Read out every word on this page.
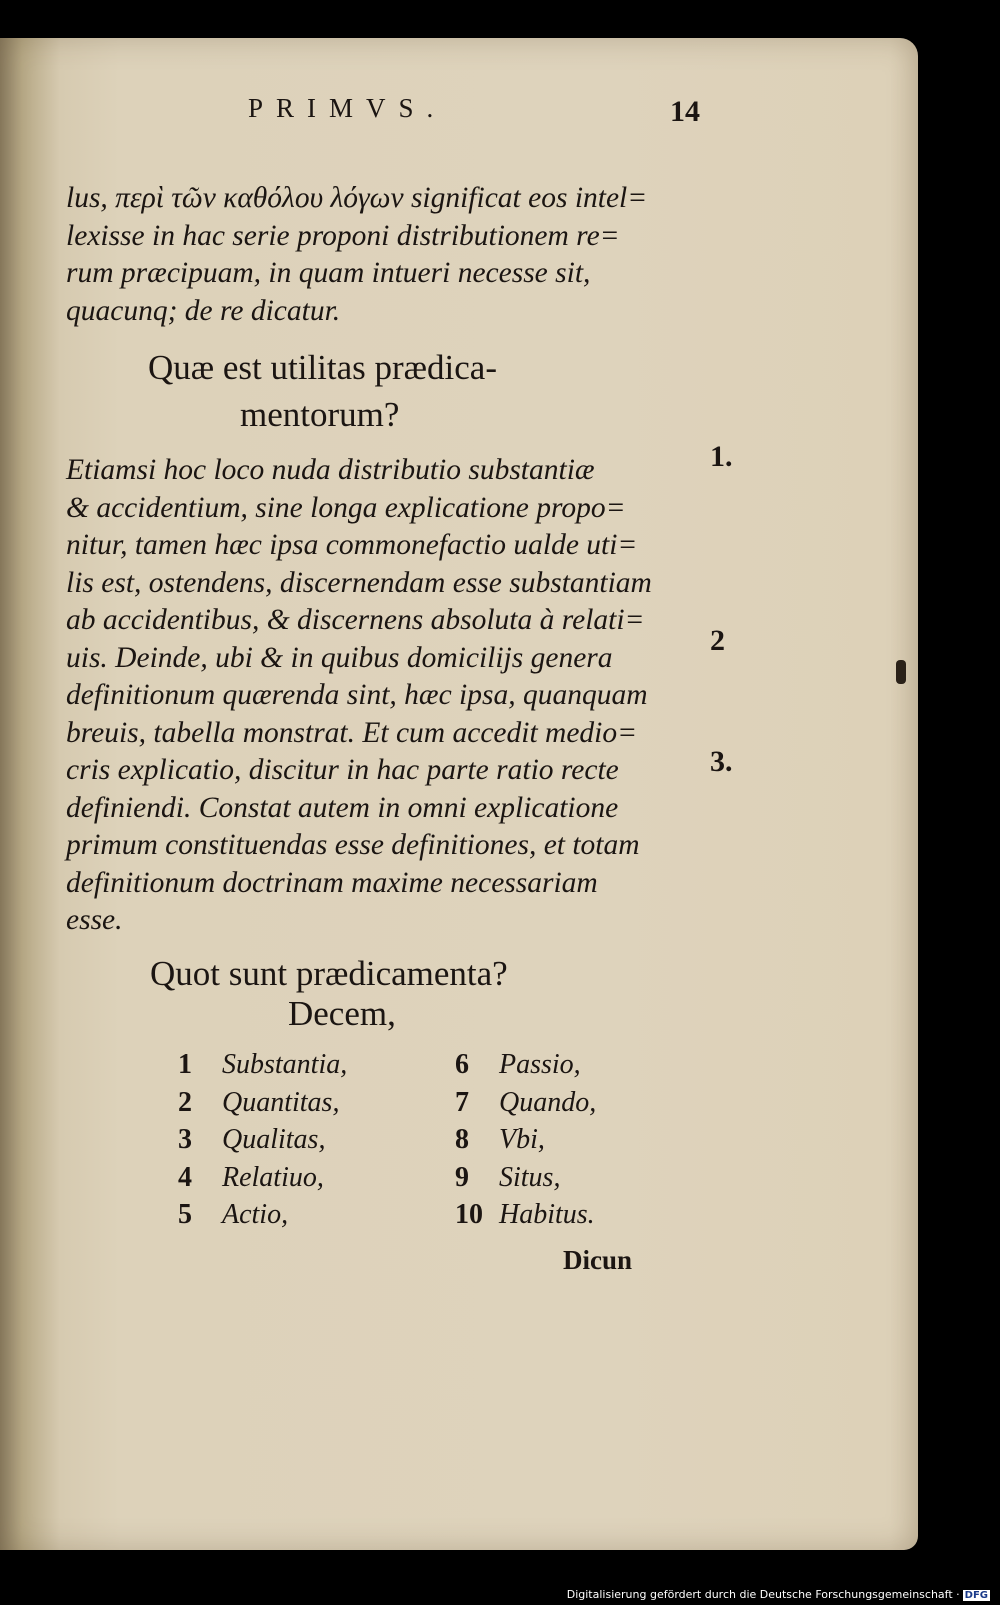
PRIMVS.	14
lus, περὶ τῶν καθόλου λόγων significat eos intel=
lexisse in hac serie proponi distributionem re=
rum præcipuam, in quam intueri necesse sit,
quacunq; de re dicatur.
Quæ est utilitas prædica-
mentorum?
1.
2
3.
Etiamsi hoc loco nuda distributio substantiæ
& accidentium, sine longa explicatione propo=
nitur, tamen hæc ipsa commonefactio ualde uti=
lis est, ostendens, discernendam esse substantiam
ab accidentibus, & discernens absoluta à relati=
uis. Deinde, ubi & in quibus domicilijs genera
definitionum quærenda sint, hæc ipsa, quanquam
breuis, tabella monstrat. Et cum accedit medio=
cris explicatio, discitur in hac parte ratio recte
definiendi. Constat autem in omni explicatione
primum constituendas esse definitiones, et totam
definitionum doctrinam maxime necessariam
esse.
Quot sunt prædicamenta?
Decem,
1 Substantia,
2 Quantitas,
3 Qualitas,
4 Relatiuo,
5 Actio,
6 Passio,
7 Quando,
8 Vbi,
9 Situs,
10 Habitus.
Dicun
Digitalisierung gefördert durch die Deutsche Forschungsgemeinschaft · DFG
